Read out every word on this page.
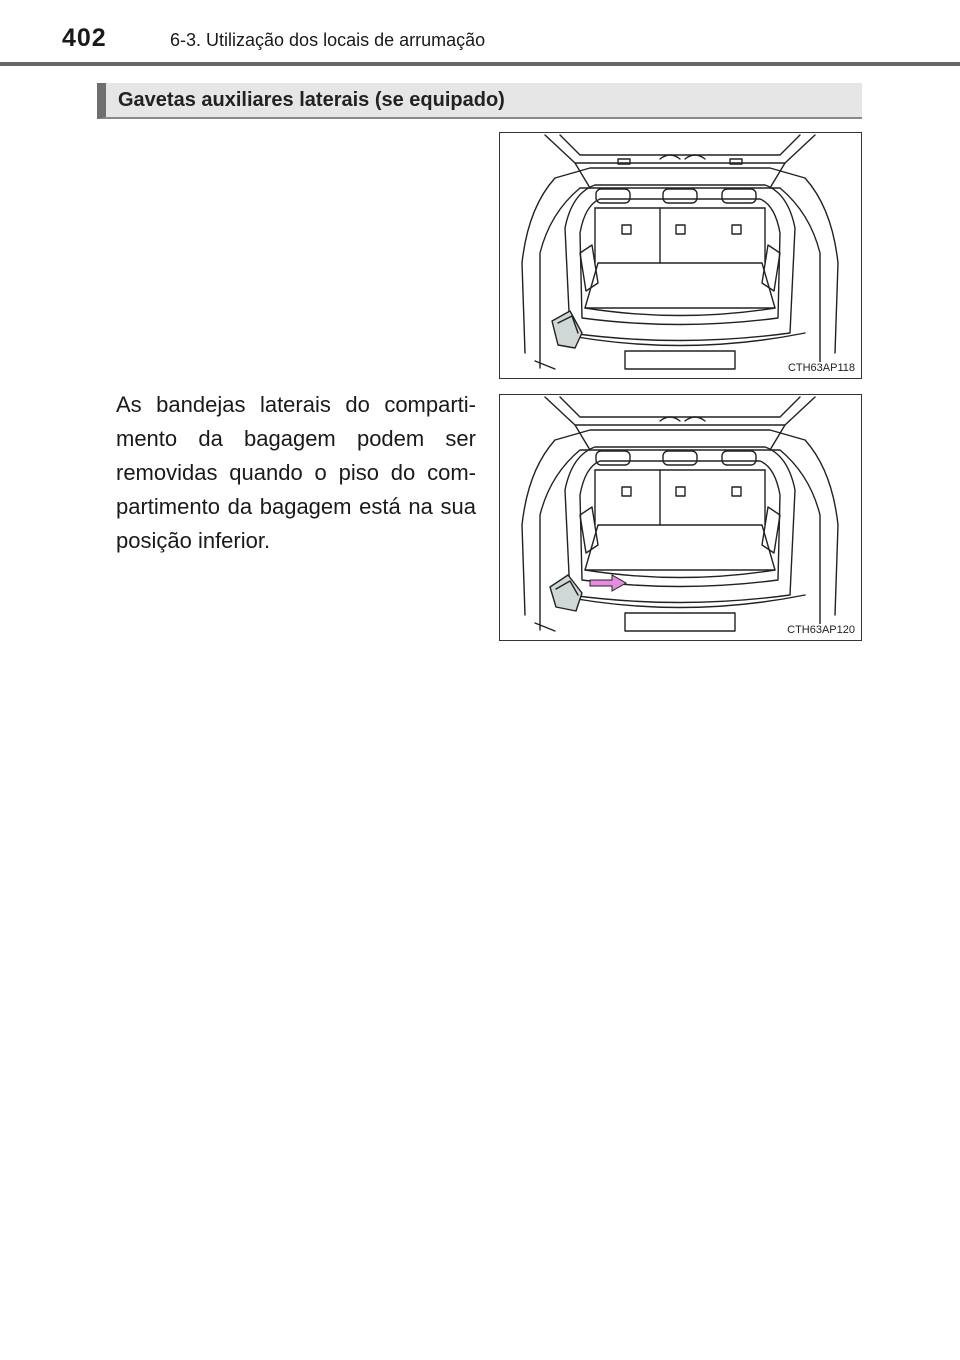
402	6-3. Utilização dos locais de arrumação
Gavetas auxiliares laterais (se equipado)
CTH63AP118
CTH63AP120

As bandejas laterais do compartimento da bagagem podem ser removidas quando o piso do compartimento da bagagem está na sua posição inferior.
